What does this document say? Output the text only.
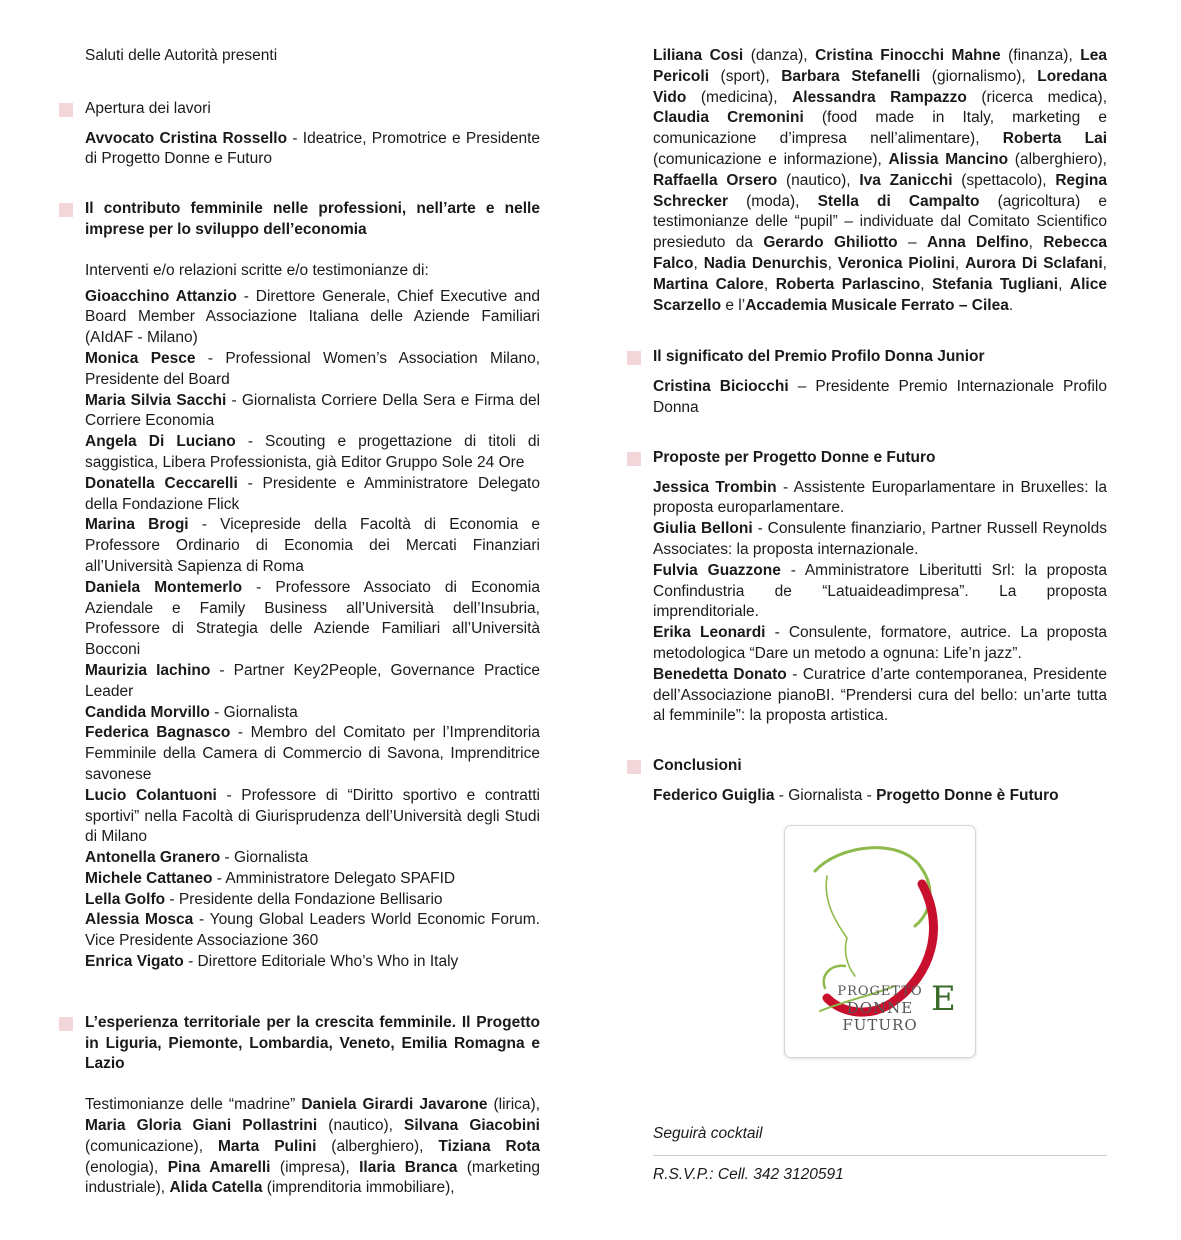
Saluti delle Autorità presenti

Apertura dei lavori

Avvocato Cristina Rossello - Ideatrice, Promotrice e Presidente di Progetto Donne e Futuro

Il contributo femminile nelle professioni, nell’arte e nelle imprese per lo sviluppo dell’economia

Interventi e/o relazioni scritte e/o testimonianze di:

Gioacchino Attanzio - Direttore Generale, Chief Executive and Board Member Associazione Italiana delle Aziende Familiari (AIdAF - Milano)

Monica Pesce - Professional Women’s Association Milano, Presidente del Board

Maria Silvia Sacchi - Giornalista Corriere Della Sera e Firma del Corriere Economia

Angela Di Luciano - Scouting e progettazione di titoli di saggistica, Libera Professionista, già Editor Gruppo Sole 24 Ore

Donatella Ceccarelli - Presidente e Amministratore Delegato della Fondazione Flick

Marina Brogi - Vicepreside della Facoltà di Economia e Professore Ordinario di Economia dei Mercati Finanziari all’Università Sapienza di Roma

Daniela Montemerlo - Professore Associato di Economia Aziendale e Family Business all’Università dell’Insubria, Professore di Strategia delle Aziende Familiari all’Università Bocconi

Maurizia Iachino - Partner Key2People, Governance Practice Leader

Candida Morvillo - Giornalista

Federica Bagnasco - Membro del Comitato per l’Imprenditoria Femminile della Camera di Commercio di Savona, Imprenditrice savonese

Lucio Colantuoni - Professore di “Diritto sportivo e contratti sportivi” nella Facoltà di Giurisprudenza dell’Università degli Studi di Milano

Antonella Granero - Giornalista

Michele Cattaneo - Amministratore Delegato SPAFID

Lella Golfo - Presidente della Fondazione Bellisario

Alessia Mosca - Young Global Leaders World Economic Forum. Vice Presidente Associazione 360

Enrica Vigato - Direttore Editoriale Who’s Who in Italy

L’esperienza territoriale per la crescita femminile. Il Progetto in Liguria, Piemonte, Lombardia, Veneto, Emilia Romagna e Lazio

Testimonianze delle “madrine” Daniela Girardi Javarone (lirica), Maria Gloria Giani Pollastrini (nautico), Silvana Giacobini (comunicazione), Marta Pulini (alberghiero), Tiziana Rota (enologia), Pina Amarelli (impresa), Ilaria Branca (marketing industriale), Alida Catella (imprenditoria immobiliare),

Liliana Cosi (danza), Cristina Finocchi Mahne (finanza), Lea Pericoli (sport), Barbara Stefanelli (giornalismo), Loredana Vido (medicina), Alessandra Rampazzo (ricerca medica), Claudia Cremonini (food made in Italy, marketing e comunicazione d’impresa nell’alimentare), Roberta Lai (comunicazione e informazione), Alissia Mancino (alberghiero), Raffaella Orsero (nautico), Iva Zanicchi (spettacolo), Regina Schrecker (moda), Stella di Campalto (agricoltura) e testimonianze delle “pupil” – individuate dal Comitato Scientifico presieduto da Gerardo Ghiliotto – Anna Delfino, Rebecca Falco, Nadia Denurchis, Veronica Piolini, Aurora Di Sclafani, Martina Calore, Roberta Parlascino, Stefania Tugliani, Alice Scarzello e l’Accademia Musicale Ferrato – Cilea.

Il significato del Premio Profilo Donna Junior

Cristina Biciocchi – Presidente Premio Internazionale Profilo Donna

Proposte per Progetto Donne e Futuro

Jessica Trombin - Assistente Europarlamentare in Bruxelles: la proposta europarlamentare.

Giulia Belloni - Consulente finanziario, Partner Russell Reynolds Associates: la proposta internazionale.

Fulvia Guazzone - Amministratore Liberitutti Srl: la proposta Confindustria de “Latuaideadimpresa”. La proposta imprenditoriale.

Erika Leonardi - Consulente, formatore, autrice. La proposta metodologica “Dare un metodo a ognuna: Life’n jazz”.

Benedetta Donato - Curatrice d’arte contemporanea, Presidente dell’Associazione pianoBI. “Prendersi cura del bello: un’arte tutta al femminile”: la proposta artistica.

Conclusioni

Federico Guiglia - Giornalista - Progetto Donne è Futuro

PROGETTO
DONNE
FUTURO
E

Seguirà cocktail

R.S.V.P.: Cell. 342 3120591
